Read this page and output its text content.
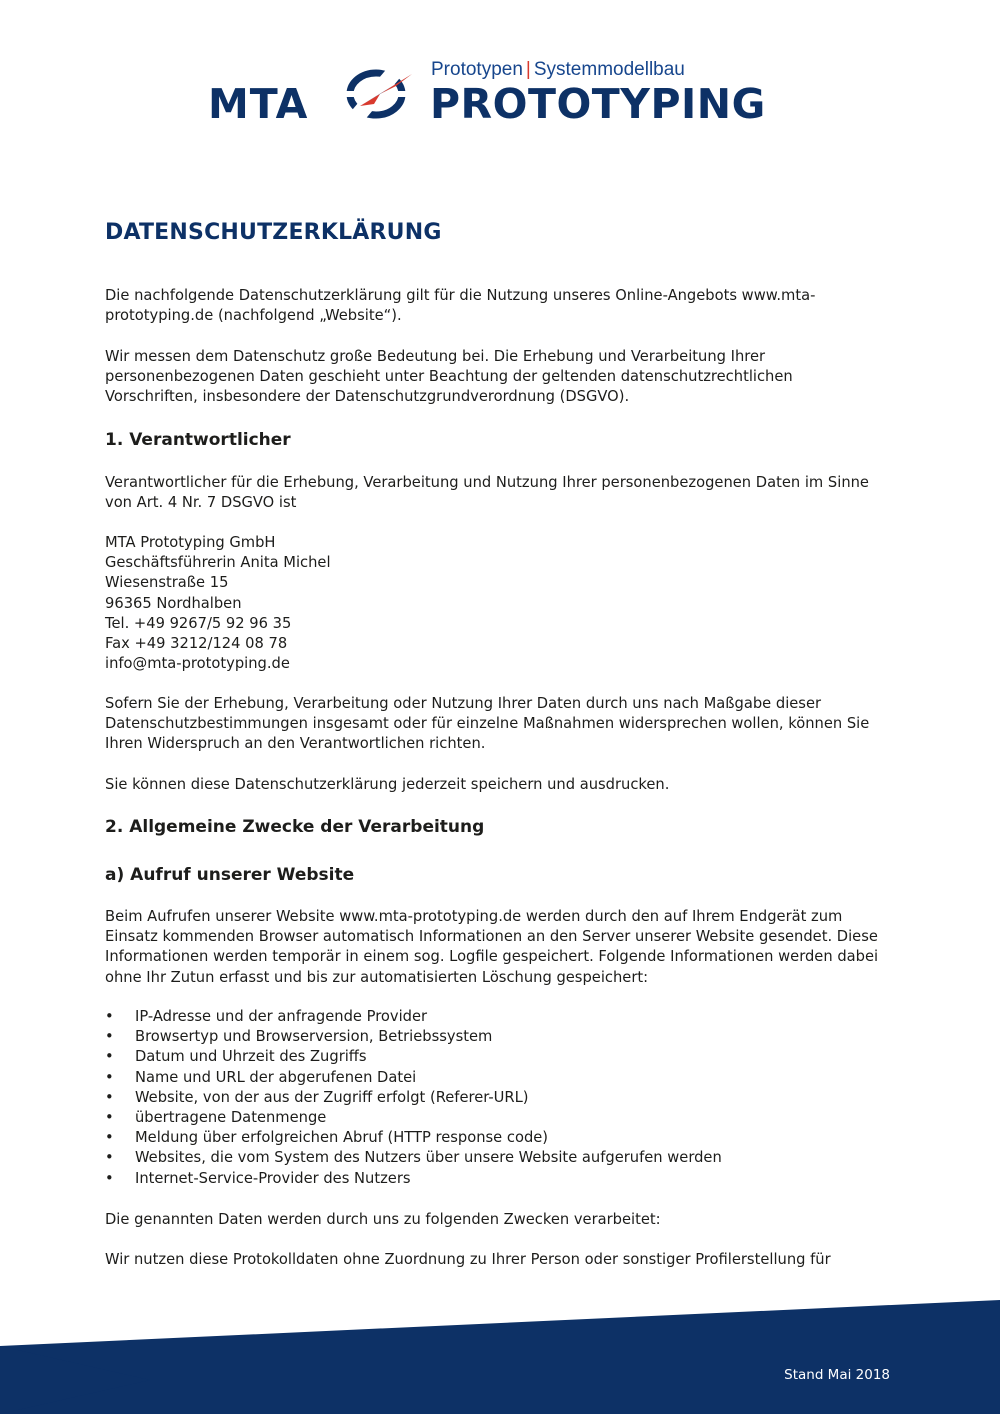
MTA
Prototypen | Systemmodellbau
PROTOTYPING
DATENSCHUTZERKLÄRUNG

Die nachfolgende Datenschutzerklärung gilt für die Nutzung unseres Online-Angebots www.mta-prototyping.de (nachfolgend „Website“).

Wir messen dem Datenschutz große Bedeutung bei. Die Erhebung und Verarbeitung Ihrer personenbezogenen Daten geschieht unter Beachtung der geltenden datenschutzrechtlichen Vorschriften, insbesondere der Datenschutzgrundverordnung (DSGVO).

1. Verantwortlicher

Verantwortlicher für die Erhebung, Verarbeitung und Nutzung Ihrer personenbezogenen Daten im Sinne von Art. 4 Nr. 7 DSGVO ist

MTA Prototyping GmbH
Geschäftsführerin Anita Michel
Wiesenstraße 15
96365 Nordhalben
Tel. +49 9267/5 92 96 35
Fax +49 3212/124 08 78
info@mta-prototyping.de

Sofern Sie der Erhebung, Verarbeitung oder Nutzung Ihrer Daten durch uns nach Maßgabe dieser Datenschutzbestimmungen insgesamt oder für einzelne Maßnahmen widersprechen wollen, können Sie Ihren Widerspruch an den Verantwortlichen richten.

Sie können diese Datenschutzerklärung jederzeit speichern und ausdrucken.

2. Allgemeine Zwecke der Verarbeitung
a) Aufruf unserer Website

Beim Aufrufen unserer Website www.mta-prototyping.de werden durch den auf Ihrem Endgerät zum Einsatz kommenden Browser automatisch Informationen an den Server unserer Website gesendet. Diese Informationen werden temporär in einem sog. Logfile gespeichert. Folgende Informationen werden dabei ohne Ihr Zutun erfasst und bis zur automatisierten Löschung gespeichert:

• IP-Adresse und der anfragende Provider
• Browsertyp und Browserversion, Betriebssystem
• Datum und Uhrzeit des Zugriffs
• Name und URL der abgerufenen Datei
• Website, von der aus der Zugriff erfolgt (Referer-URL)
• übertragene Datenmenge
• Meldung über erfolgreichen Abruf (HTTP response code)
• Websites, die vom System des Nutzers über unsere Website aufgerufen werden
• Internet-Service-Provider des Nutzers

Die genannten Daten werden durch uns zu folgenden Zwecken verarbeitet:

Wir nutzen diese Protokolldaten ohne Zuordnung zu Ihrer Person oder sonstiger Profilerstellung für

Stand Mai 2018
